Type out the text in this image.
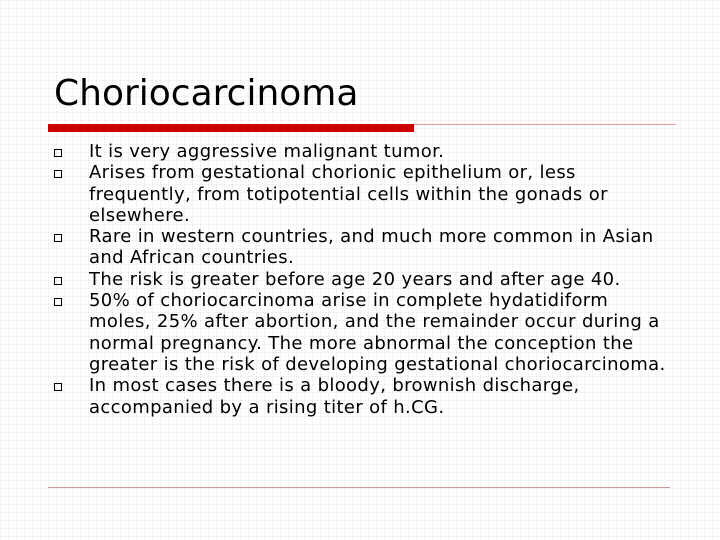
Choriocarcinoma
It is very aggressive malignant tumor.
Arises from gestational chorionic epithelium or, less frequently, from totipotential cells within the gonads or elsewhere.
Rare in western countries, and much more common in Asian and African countries.
The risk is greater before age 20 years and after age 40.
50% of choriocarcinoma arise in complete hydatidiform moles, 25% after abortion, and the remainder occur during a normal pregnancy. The more abnormal the conception the greater is the risk of developing gestational choriocarcinoma.
In most cases there is a bloody, brownish discharge, accompanied by a rising titer of h.CG.
